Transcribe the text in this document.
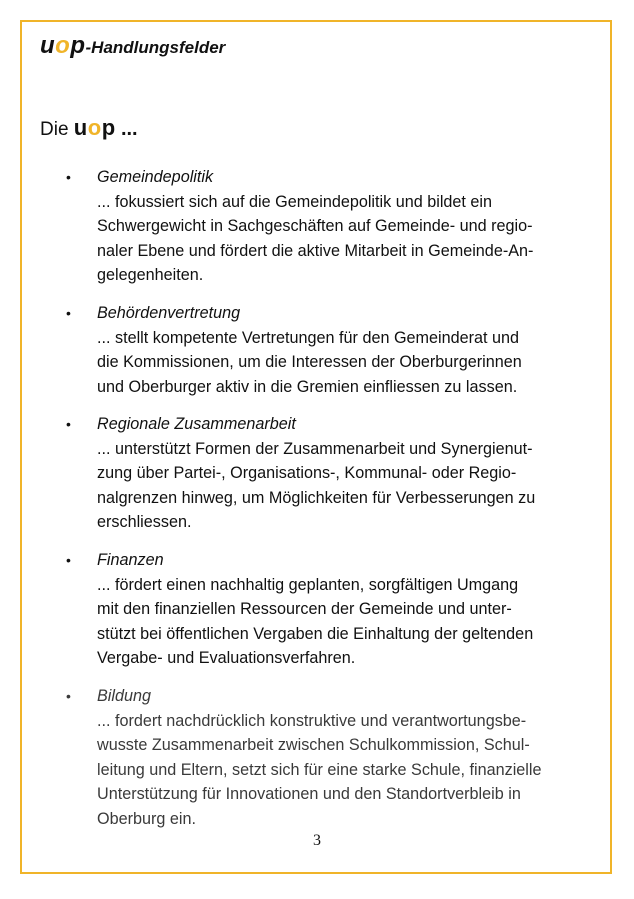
uop-Handlungsfelder
Die uop ...
• Gemeindepolitik
... fokussiert sich auf die Gemeindepolitik und bildet ein
Schwergewicht in Sachgeschäften auf Gemeinde- und regio-
naler Ebene und fördert die aktive Mitarbeit in Gemeinde-An-
gelegenheiten.
• Behördenvertretung
... stellt kompetente Vertretungen für den Gemeinderat und
die Kommissionen, um die Interessen der Oberburgerinnen
und Oberburger aktiv in die Gremien einfliessen zu lassen.
• Regionale Zusammenarbeit
... unterstützt Formen der Zusammenarbeit und Synergienut-
zung über Partei-, Organisations-, Kommunal- oder Regio-
nalgrenzen hinweg, um Möglichkeiten für Verbesserungen zu
erschliessen.
• Finanzen
... fördert einen nachhaltig geplanten, sorgfältigen Umgang
mit den finanziellen Ressourcen der Gemeinde und unter-
stützt bei öffentlichen Vergaben die Einhaltung der geltenden
Vergabe- und Evaluationsverfahren.
• Bildung
... fordert nachdrücklich konstruktive und verantwortungsbe-
wusste Zusammenarbeit zwischen Schulkommission, Schul-
leitung und Eltern, setzt sich für eine starke Schule, finanzielle
Unterstützung für Innovationen und den Standortverbleib in
Oberburg ein.
3
